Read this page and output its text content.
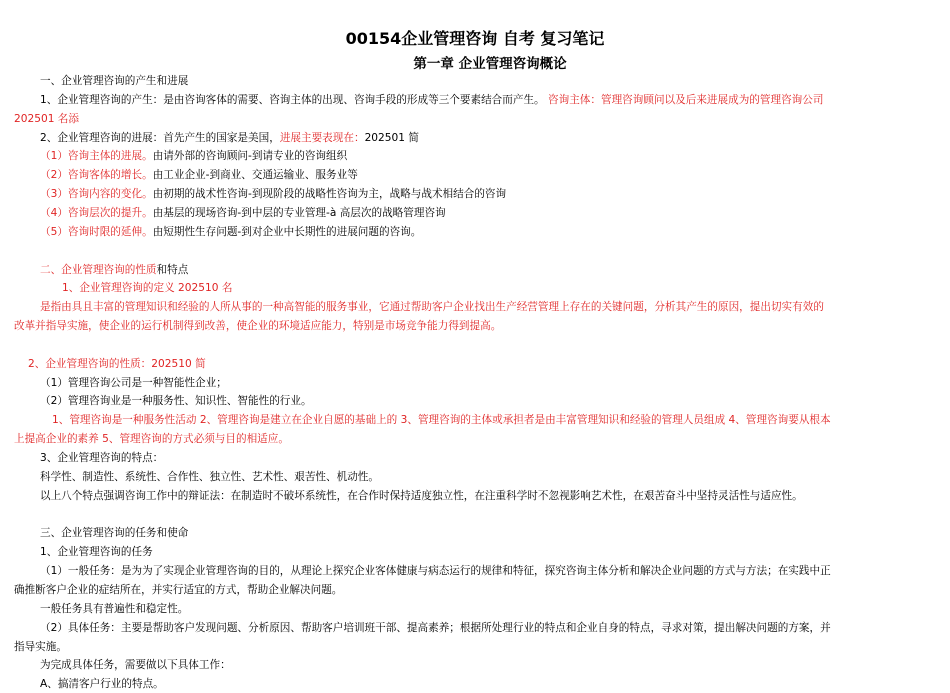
00154企业管理咨询 自考 复习笔记
第一章 企业管理咨询概论
一、企业管理咨询的产生和进展
1、企业管理咨询的产生：是由咨询客体的需要、咨询主体的出现、咨询手段的形成等三个要素结合而产生。 咨询主体：管理咨询顾问以及后来进展成为的管理咨询公司
202501 名添
2、企业管理咨询的进展：首先产生的国家是美国，进展主要表现在：202501 简
（1）咨询主体的进展。由请外部的咨询顾问-到请专业的咨询组织
（2）咨询客体的增长。由工业企业-到商业、交通运输业、服务业等
（3）咨询内容的变化。由初期的战术性咨询-到现阶段的战略性咨询为主，战略与战术相结合的咨询
（4）咨询层次的提升。由基层的现场咨询-到中层的专业管理-à 高层次的战略管理咨询
（5）咨询时限的延伸。由短期性生存问题-到对企业中长期性的进展问题的咨询。
二、企业管理咨询的性质和特点
1、企业管理咨询的定义 202510 名
是指由具且丰富的管理知识和经验的人所从事的一种高智能的服务事业，它通过帮助客户企业找出生产经营管理上存在的关键问题，分析其产生的原因，提出切实有效的
改革并指导实施，使企业的运行机制得到改善，使企业的环境适应能力，特别是市场竞争能力得到提高。
2、企业管理咨询的性质：202510 简
（1）管理咨询公司是一种智能性企业；
（2）管理咨询业是一种服务性、知识性、智能性的行业。
1、管理咨询是一种服务性活动 2、管理咨询是建立在企业自愿的基础上的 3、管理咨询的主体或承担者是由丰富管理知识和经验的管理人员组成 4、管理咨询要从根本
上提高企业的素养 5、管理咨询的方式必须与目的相适应。
3、企业管理咨询的特点：
科学性、制造性、系统性、合作性、独立性、艺术性、艰苦性、机动性。
以上八个特点强调咨询工作中的辩证法：在制造时不破坏系统性，在合作时保持适度独立性，在注重科学时不忽视影响艺术性，在艰苦奋斗中坚持灵活性与适应性。
三、企业管理咨询的任务和使命
1、企业管理咨询的任务
（1）一般任务：是为为了实现企业管理咨询的目的，从理论上探究企业客体健康与病态运行的规律和特征，探究咨询主体分析和解决企业问题的方式与方法；在实践中正
确推断客户企业的症结所在，并实行适宜的方式，帮助企业解决问题。
一般任务具有普遍性和稳定性。
（2）具体任务：主要是帮助客户发现问题、分析原因、帮助客户培训班干部、提高素养；根据所处理行业的特点和企业自身的特点，寻求对策，提出解决问题的方案，并
指导实施。
为完成具体任务，需要做以下具体工作：
A、搞清客户行业的特点。
